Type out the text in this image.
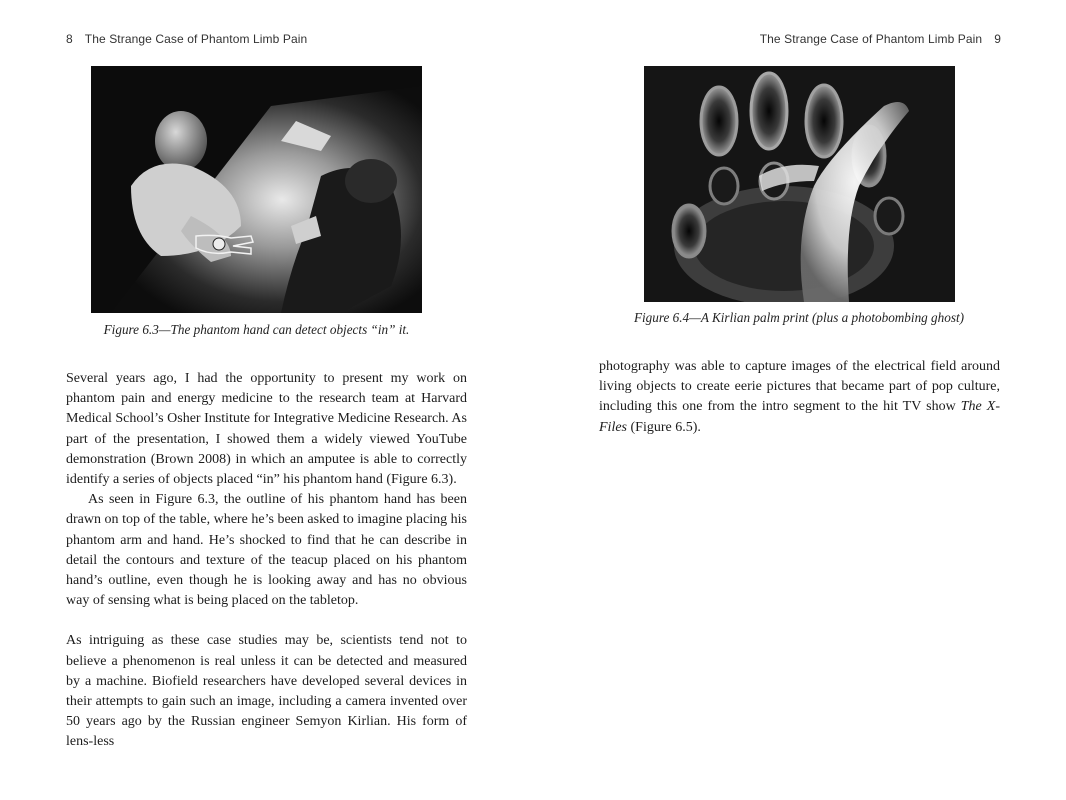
8 The Strange Case of Phantom Limb Pain
Figure 6.3—The phantom hand can detect objects “in” it.

Several years ago, I had the opportunity to present my work on phantom pain and energy medicine to the research team at Harvard Medical School’s Osher Institute for Integrative Medicine Research. As part of the presentation, I showed them a widely viewed YouTube demonstration (Brown 2008) in which an amputee is able to correctly identify a series of objects placed “in” his phantom hand (Figure 6.3).

As seen in Figure 6.3, the outline of his phantom hand has been drawn on top of the table, where he’s been asked to imagine placing his phantom arm and hand. He’s shocked to find that he can describe in detail the contours and texture of the teacup placed on his phantom hand’s outline, even though he is looking away and has no obvious way of sensing what is being placed on the tabletop.

As intriguing as these case studies may be, scientists tend not to believe a phenomenon is real unless it can be detected and measured by a machine. Biofield researchers have developed several devices in their attempts to gain such an image, including a camera invented over 50 years ago by the Russian engineer Semyon Kirlian. His form of lens-less

The Strange Case of Phantom Limb Pain 9
Figure 6.4—A Kirlian palm print (plus a photobombing ghost)

photography was able to capture images of the electrical field around living objects to create eerie pictures that became part of pop culture, including this one from the intro segment to the hit TV show The X-Files (Figure 6.5).
